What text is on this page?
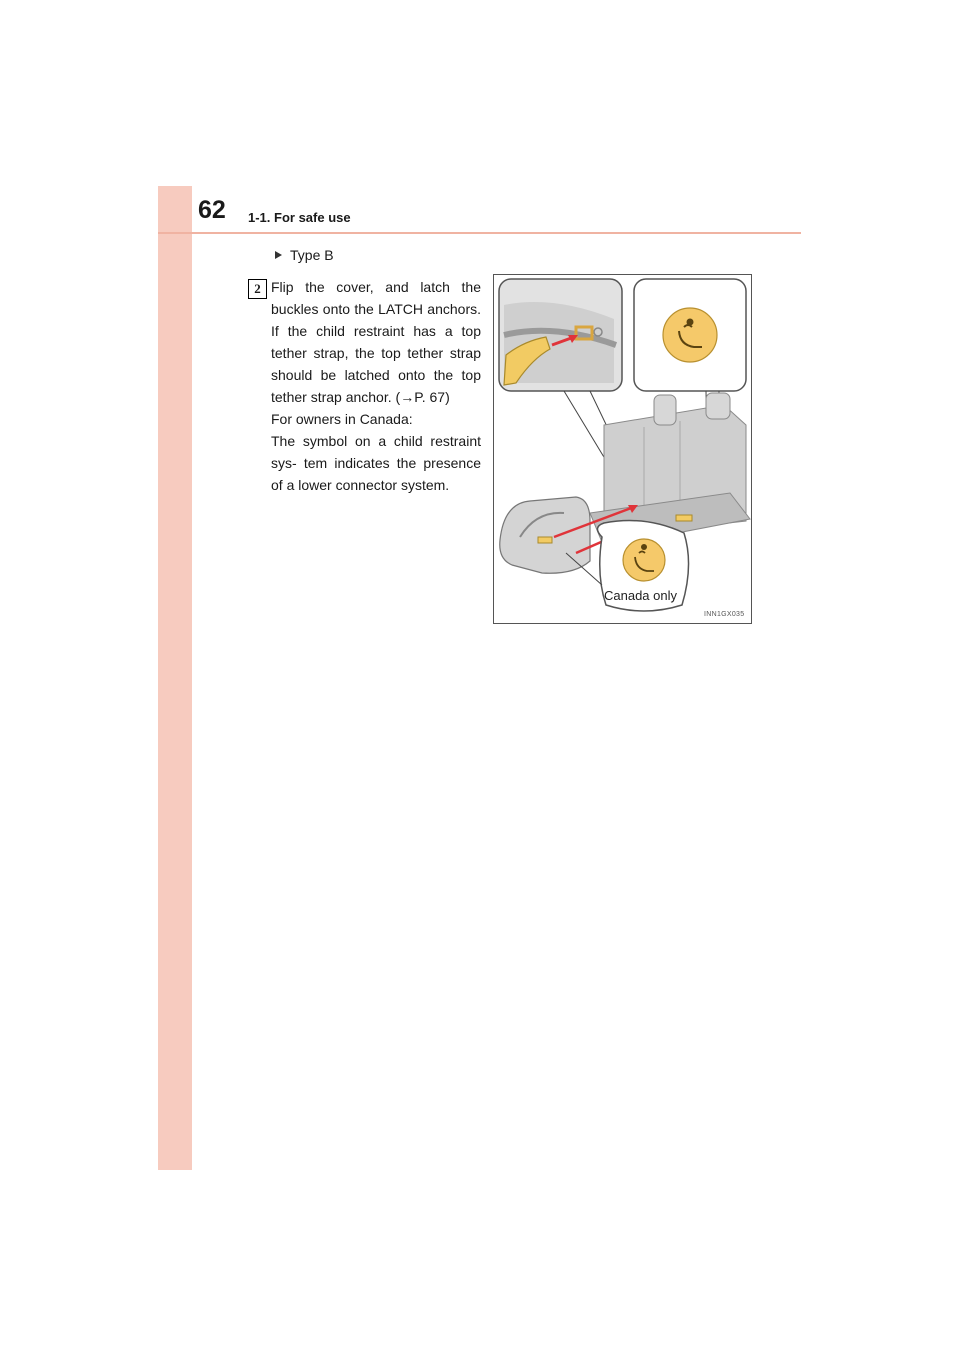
62 1-1. For safe use
Type B
2 Flip the cover, and latch the buckles onto the LATCH anchors. If the child restraint has a top tether strap, the top tether strap should be latched onto the top tether strap anchor. (→P. 67)

For owners in Canada:
The symbol on a child restraint sys- tem indicates the presence of a lower connector system.

Canada only
INN1GX035
